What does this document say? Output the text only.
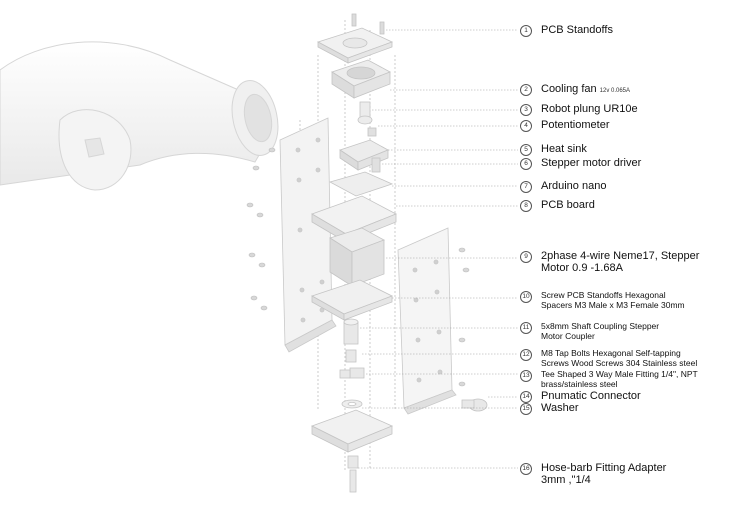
1	PCB Standoffs
2	Cooling fan 12v 0.065A
3	Robot plung UR10e
4	Potentiometer
5	Heat sink
6	Stepper motor driver
7	Arduino nano
8	PCB board
9	2phase 4-wire Neme17, Stepper
Motor 0.9 -1.68A
10 Screw PCB Standoffs Hexagonal
Spacers M3 Male x M3 Female 30mm
11	5x8mm Shaft Coupling Stepper
Motor Coupler
12 M8 Tap Bolts Hexagonal Self-tapping
Screws Wood Screws 304 Stainless steel
13 Tee Shaped 3 Way Male Fitting 1/4", NPT
brass/stainless steel
14 Pnumatic Connector
15 Washer
16 Hose-barb Fitting Adapter
3mm ,"1/4
